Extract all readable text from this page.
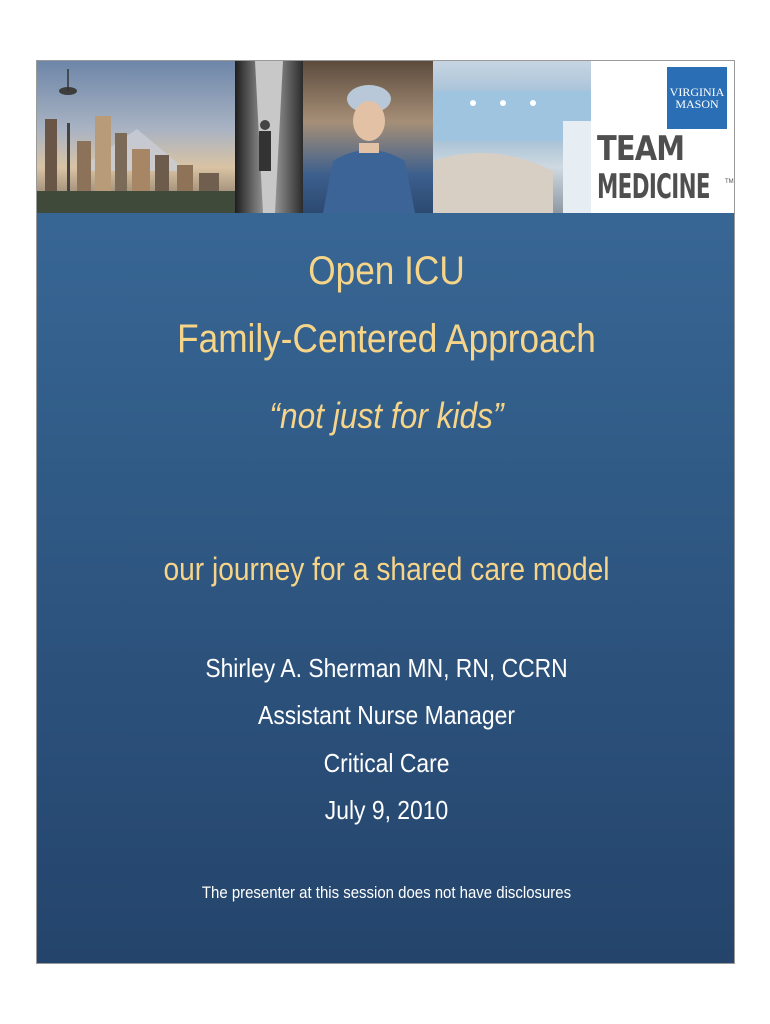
VIRGINIA
MASON
TEAM
MEDICINE	TM
Open ICU
Family-Centered Approach
“not just for kids”
our journey for a shared care model
Shirley A. Sherman MN, RN, CCRN
Assistant Nurse Manager
Critical Care
July 9, 2010
The presenter at this session does not have disclosures
